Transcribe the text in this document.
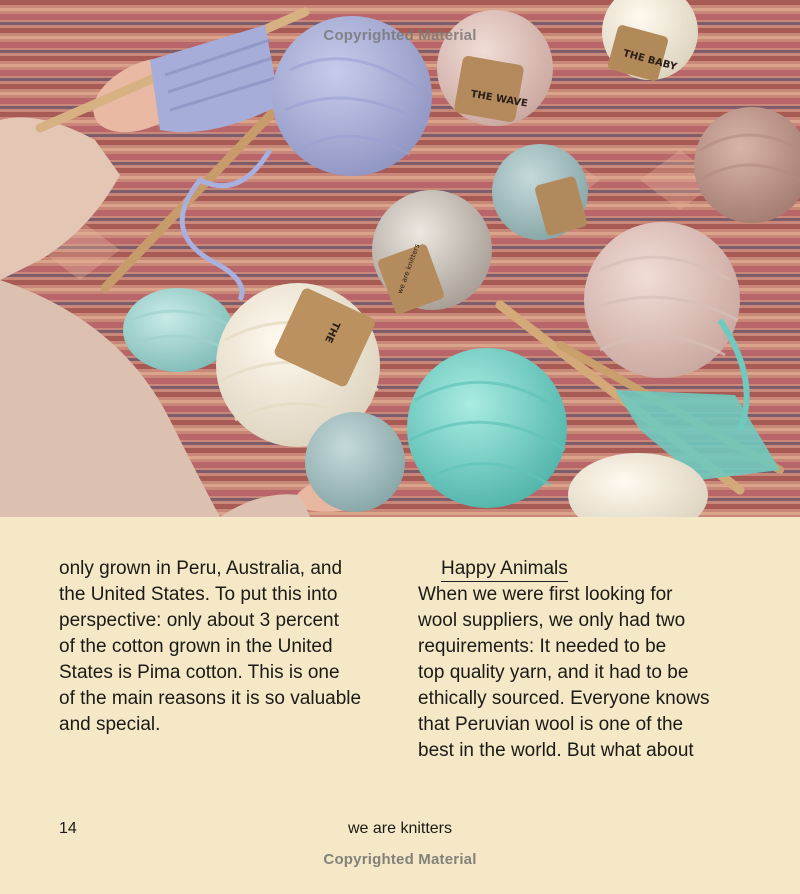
THE WAVE
THE BABY
THE
we are knitters
Copyrighted Material

only grown in Peru, Australia, and
the United States. To put this into
perspective: only about 3 percent
of the cotton grown in the United
States is Pima cotton. This is one
of the main reasons it is so valuable
and special.

Happy Animals

When we were first looking for
wool suppliers, we only had two
requirements: It needed to be
top quality yarn, and it had to be
ethically sourced. Everyone knows
that Peruvian wool is one of the
best in the world. But what about

14	we are knitters
Copyrighted Material
